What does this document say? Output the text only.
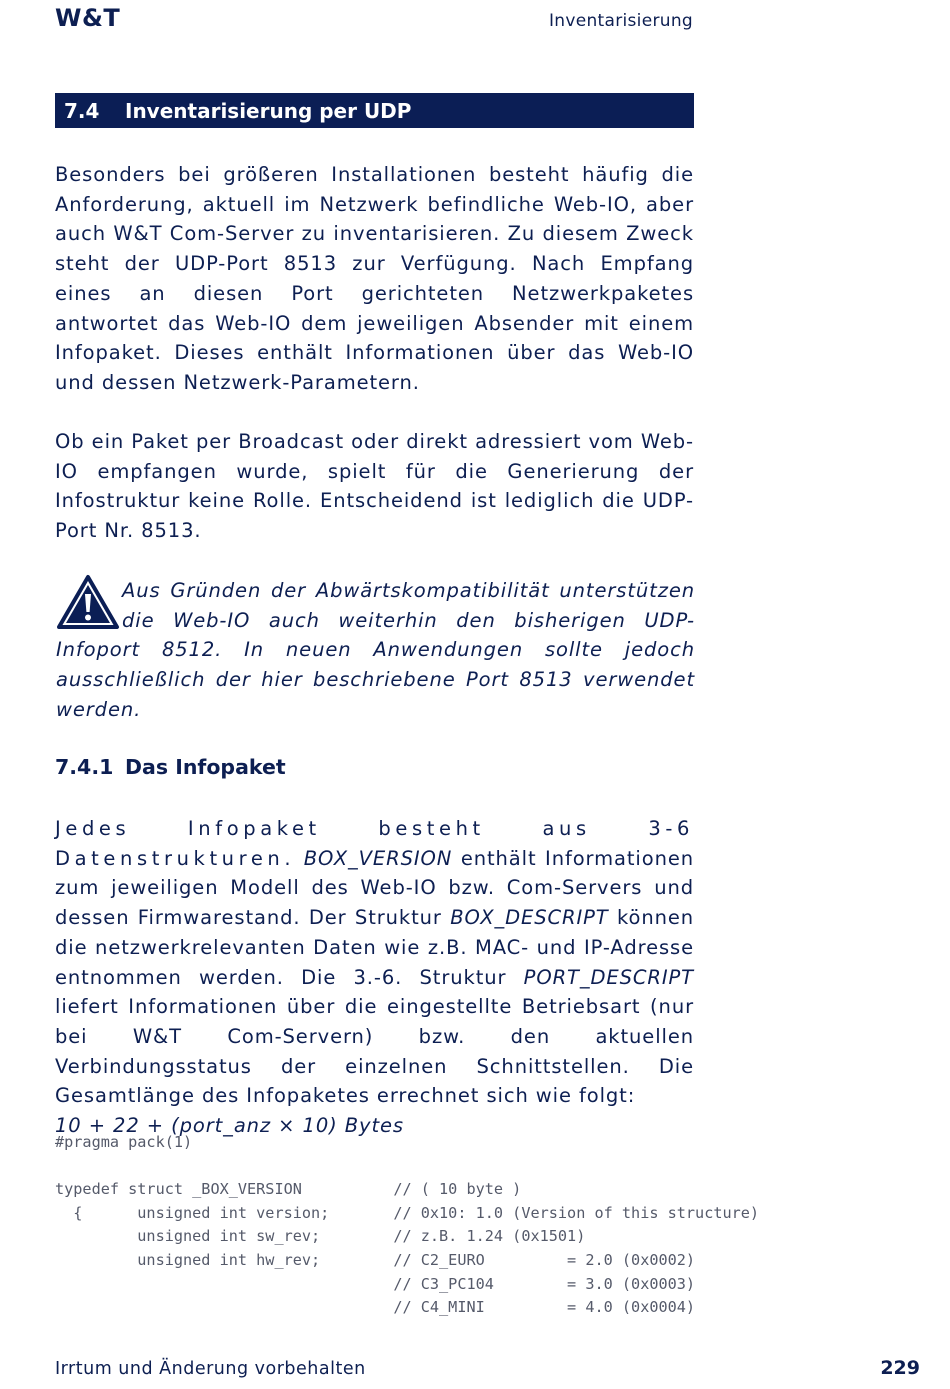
W&T	Inventarisierung
7.4	Inventarisierung per UDP
Besonders bei größeren Installationen besteht häufig die Anforderung, aktuell im Netzwerk befindliche Web-IO, aber auch W&T Com-Server zu inventarisieren. Zu diesem Zweck steht der UDP-Port 8513 zur Verfügung. Nach Empfang eines an diesen Port gerichteten Netzwerkpaketes antwortet das Web-IO dem jeweiligen Absender mit einem Infopaket. Dieses enthält Informationen über das Web-IO und dessen Netzwerk-Parametern.
Ob ein Paket per Broadcast oder direkt adressiert vom Web-IO empfangen wurde, spielt für die Generierung der Infostruktur keine Rolle. Entscheidend ist lediglich die UDP-Port Nr. 8513.
Aus Gründen der Abwärtskompatibilität unterstützen die Web-IO auch weiterhin den bisherigen UDP-Infoport 8512. In neuen Anwendungen sollte jedoch ausschließlich der hier beschriebene Port 8513 verwendet werden.
7.4.1 Das Infopaket
Jedes Infopaket besteht aus 3-6 Datenstrukturen. BOX_VERSION enthält Informationen zum jeweiligen Modell des Web-IO bzw. Com-Servers und dessen Firmwarestand. Der Struktur BOX_DESCRIPT können die netzwerkrelevanten Daten wie z.B. MAC- und IP-Adresse entnommen werden. Die 3.-6. Struktur PORT_DESCRIPT liefert Informationen über die eingestellte Betriebsart (nur bei W&T Com-Servern) bzw. den aktuellen Verbindungsstatus der einzelnen Schnittstellen. Die Gesamtlänge des Infopaketes errechnet sich wie folgt:
10 + 22 + (port_anz × 10) Bytes
#pragma pack(1)

typedef struct _BOX_VERSION          // ( 10 byte )
{      unsigned int version;       // 0x10: 1.0 (Version of this structure)
unsigned int sw_rev;        // z.B. 1.24 (0x1501)
unsigned int hw_rev;        // C2_EURO         = 2.0 (0x0002)
// C3_PC104        = 3.0 (0x0003)
// C4_MINI         = 4.0 (0x0004)
Irrtum und Änderung vorbehalten	229
